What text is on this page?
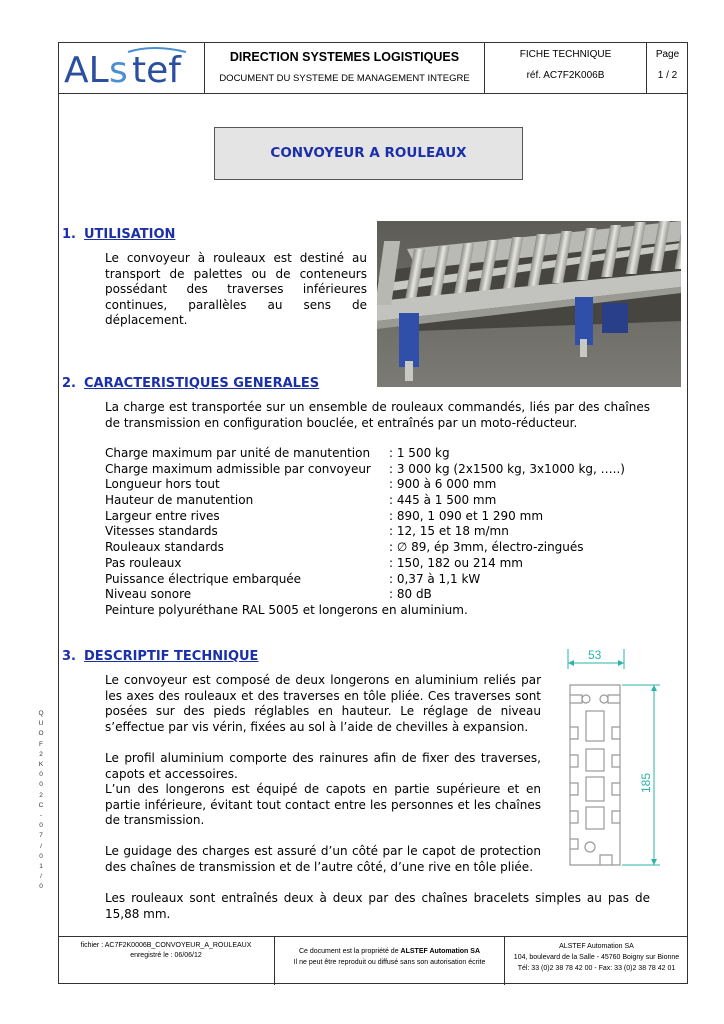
AL s tef	DIRECTION SYSTEMES LOGISTIQUES
DOCUMENT DU SYSTEME DE MANAGEMENT INTEGRE
FICHE TECHNIQUE
réf. AC7F2K006B
Page
1 / 2
CONVOYEUR A ROULEAUX
1. UTILISATION
Le convoyeur à rouleaux est destiné au transport de palettes ou de conteneurs possédant des traverses inférieures continues, parallèles au sens de déplacement.
2. CARACTERISTIQUES GENERALES
La charge est transportée sur un ensemble de rouleaux commandés, liés par des chaînes de transmission en configuration bouclée, et entraînés par un moto-réducteur.
Charge maximum par unité de manutention : 1 500 kg
Charge maximum admissible par convoyeur : 3 000 kg (2x1500 kg, 3x1000 kg, …..)
Longueur hors tout	: 900 à 6 000 mm
Hauteur de manutention	: 445 à 1 500 mm
Largeur entre rives	: 890, 1 090 et 1 290 mm
Vitesses standards	: 12, 15 et 18 m/mn
Rouleaux standards	: ∅ 89, ép 3mm, électro-zingués
Pas rouleaux	: 150, 182 ou 214 mm
Puissance électrique embarquée	: 0,37 à 1,1 kW
Niveau sonore	: 80 dB
Peinture polyuréthane RAL 5005 et longerons en aluminium.
3. DESCRIPTIF TECHNIQUE
Le convoyeur est composé de deux longerons en aluminium reliés par les axes des rouleaux et des traverses en tôle pliée. Ces traverses sont posées sur des pieds réglables en hauteur. Le réglage de niveau s’effectue par vis vérin, fixées au sol à l’aide de chevilles à expansion.
Le profil aluminium comporte des rainures afin de fixer des traverses, capots et accessoires.
L’un des longerons est équipé de capots en partie supérieure et en partie inférieure, évitant tout contact entre les personnes et les chaînes de transmission.
Le guidage des charges est assuré d’un côté par le capot de protection des chaînes de transmission et de l’autre côté, d’une rive en tôle pliée.
Les rouleaux sont entraînés deux à deux par des chaînes bracelets simples au pas de 15,88 mm.
53
185
Q
U
O
F
2
K
0
0
2
C
-
0
7
/
0
1
/
0
fichier : AC7F2K0006B_CONVOYEUR_A_ROULEAUX
enregistré le : 06/06/12
Ce document est la propriété de ALSTEF Automation SA
Il ne peut être reproduit ou diffusé sans son autorisation écrite
ALSTEF Automation SA
104, boulevard de la Salle - 45760 Boigny sur Bionne
Tél: 33 (0)2 38 78 42 00 - Fax: 33 (0)2 38 78 42 01
